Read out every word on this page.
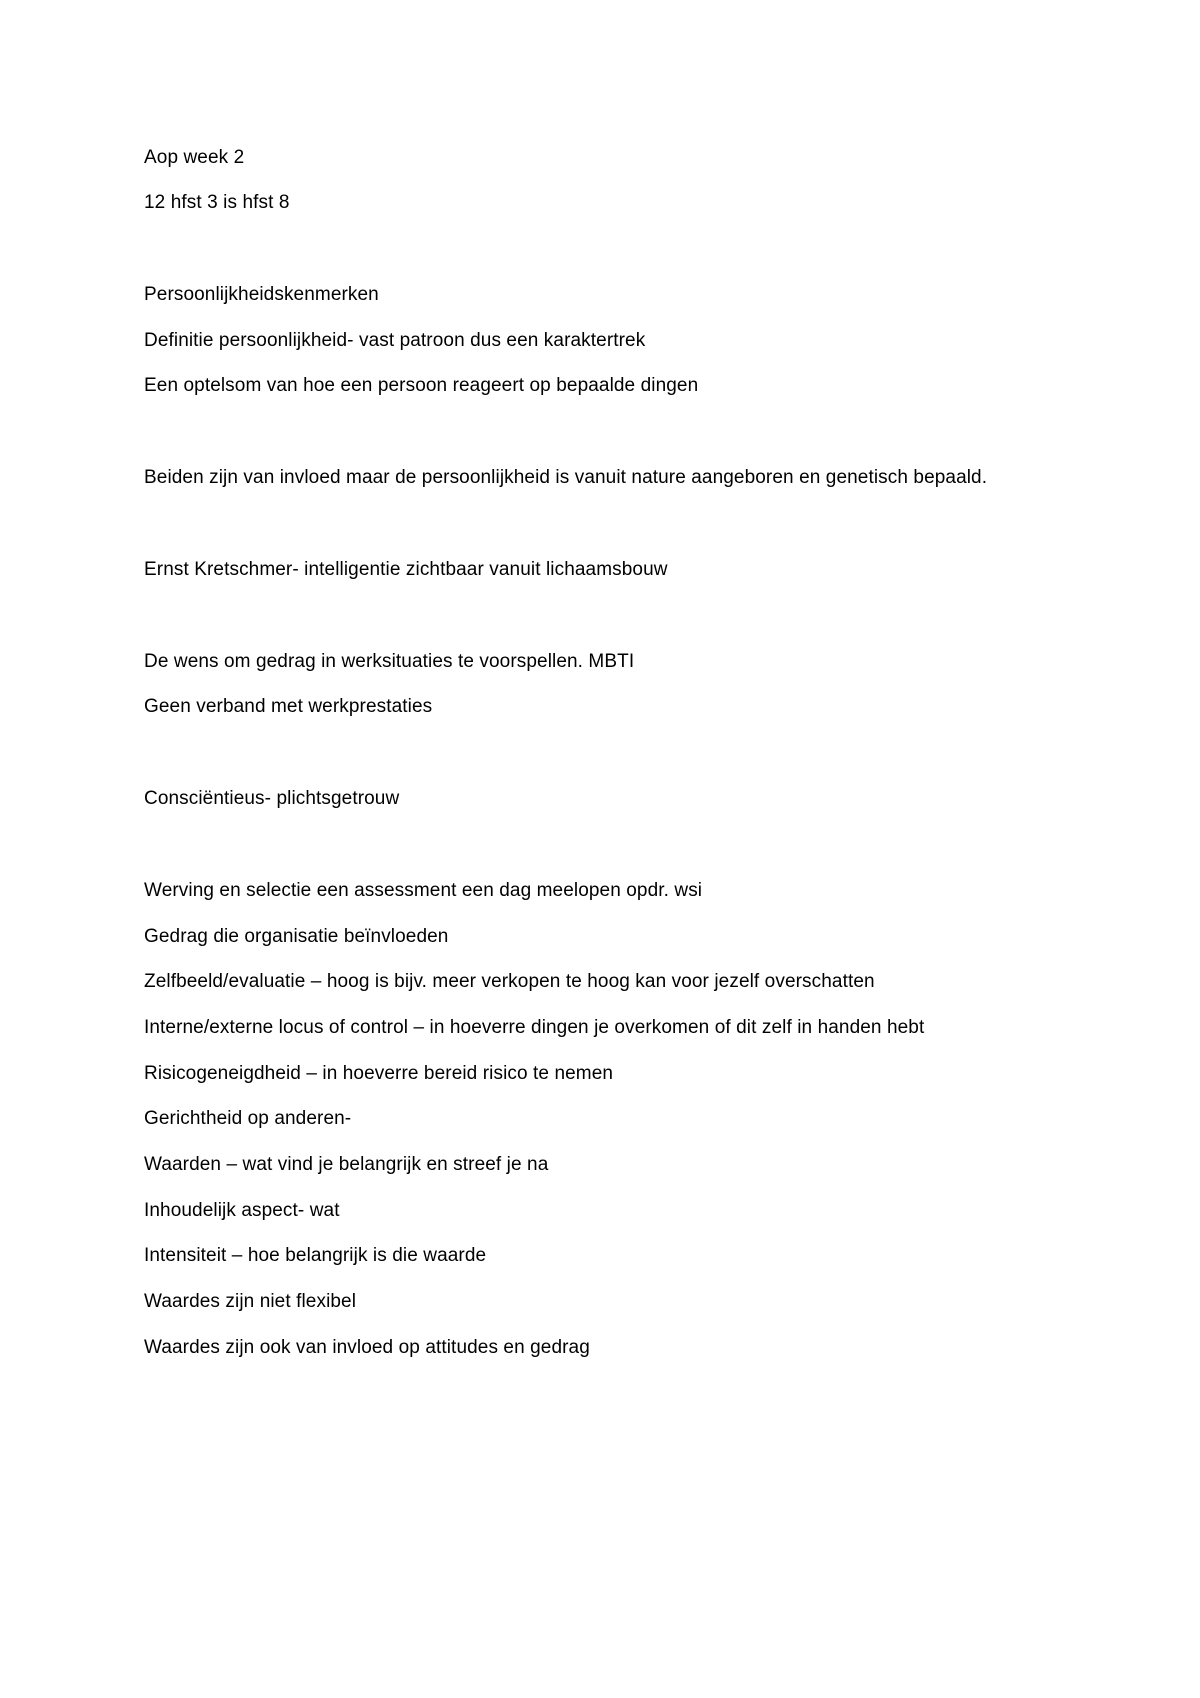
Aop week 2
12 hfst 3 is hfst 8
Persoonlijkheidskenmerken
Definitie persoonlijkheid- vast patroon dus een karaktertrek
Een optelsom van hoe een persoon reageert op bepaalde dingen
Beiden zijn van invloed maar de persoonlijkheid is vanuit nature aangeboren en genetisch bepaald.
Ernst Kretschmer- intelligentie zichtbaar vanuit lichaamsbouw
De wens om gedrag in werksituaties te voorspellen. MBTI
Geen verband met werkprestaties
Consciëntieus- plichtsgetrouw
Werving en selectie een assessment een dag meelopen opdr. wsi
Gedrag die organisatie beïnvloeden
Zelfbeeld/evaluatie – hoog is bijv. meer verkopen te hoog kan voor jezelf overschatten
Interne/externe locus of control – in hoeverre dingen je overkomen of dit zelf in handen hebt
Risicogeneigdheid – in hoeverre bereid risico te nemen
Gerichtheid op anderen-
Waarden – wat vind je belangrijk en streef je na
Inhoudelijk aspect- wat
Intensiteit – hoe belangrijk is die waarde
Waardes zijn niet flexibel
Waardes zijn ook van invloed op attitudes en gedrag
